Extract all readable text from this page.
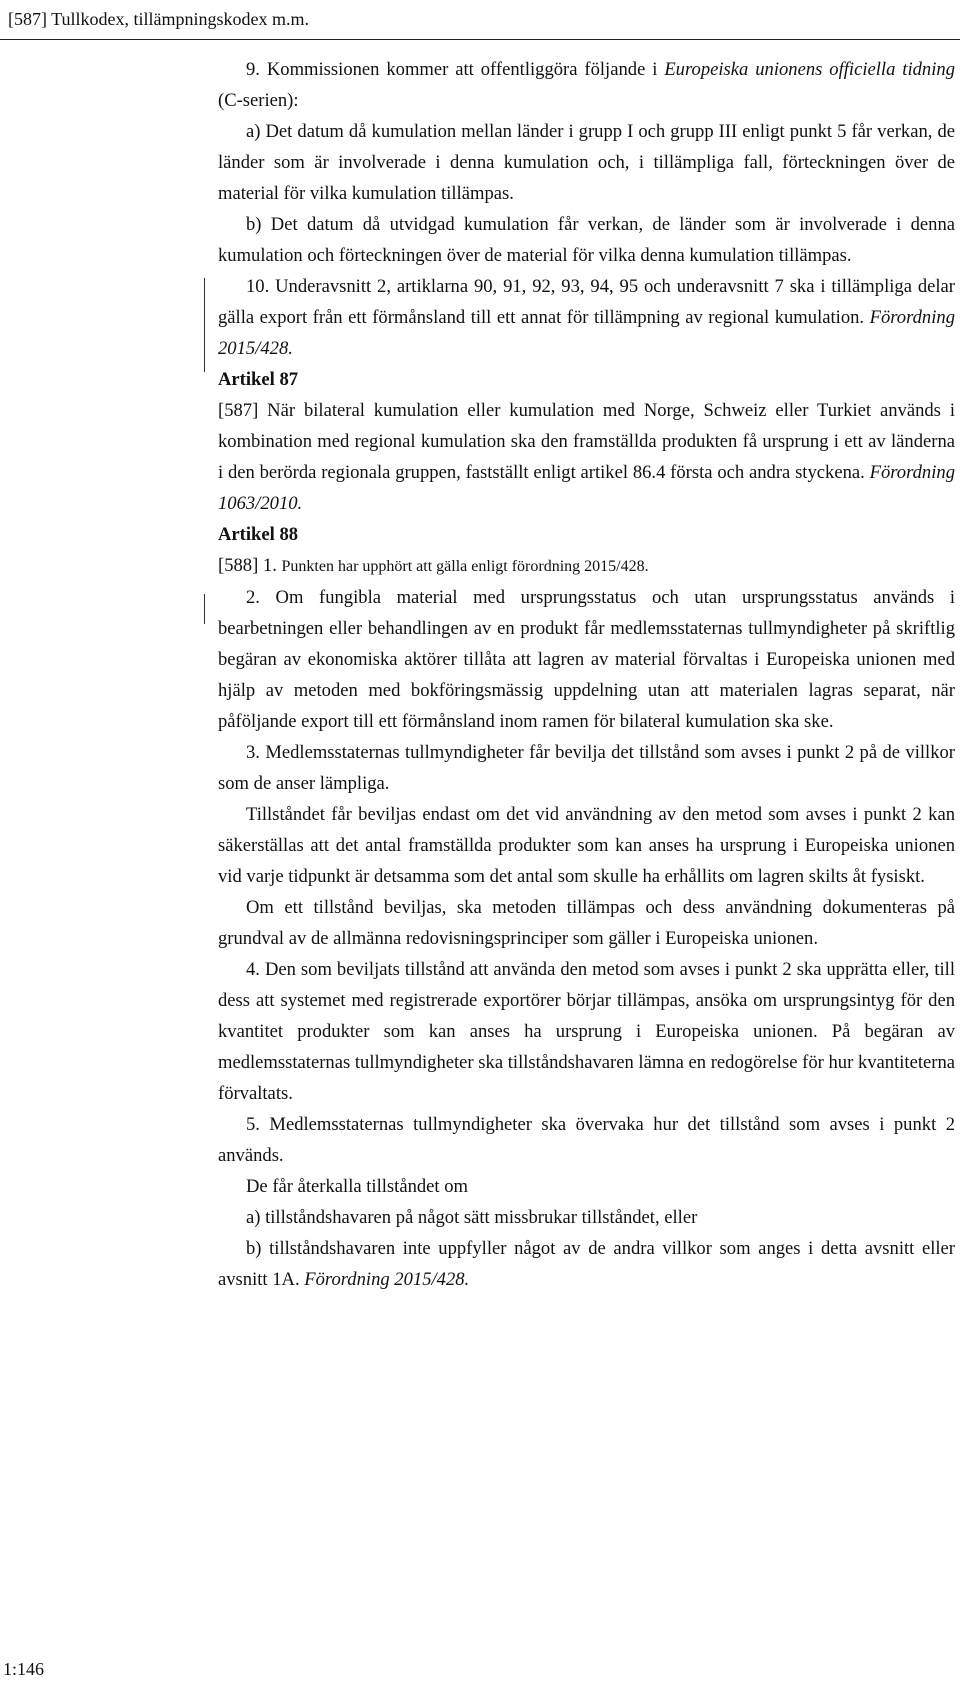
[587] Tullkodex, tillämpningskodex m.m.

9. Kommissionen kommer att offentliggöra följande i Europeiska unionens officiella tidning (C-serien):

a) Det datum då kumulation mellan länder i grupp I och grupp III enligt punkt 5 får verkan, de länder som är involverade i denna kumulation och, i tillämpliga fall, förteckningen över de material för vilka kumulation tillämpas.

b) Det datum då utvidgad kumulation får verkan, de länder som är involverade i denna kumulation och förteckningen över de material för vilka denna kumulation tillämpas.

10. Underavsnitt 2, artiklarna 90, 91, 92, 93, 94, 95 och underavsnitt 7 ska i tillämpliga delar gälla export från ett förmånsland till ett annat för tillämpning av regional kumulation. Förordning 2015/428.

Artikel 87

[587] När bilateral kumulation eller kumulation med Norge, Schweiz eller Turkiet används i kombination med regional kumulation ska den framställda produkten få ursprung i ett av länderna i den berörda regionala gruppen, fastställt enligt artikel 86.4 första och andra styckena. Förordning 1063/2010.

Artikel 88

[588] 1. Punkten har upphört att gälla enligt förordning 2015/428.

2. Om fungibla material med ursprungsstatus och utan ursprungsstatus används i bearbetningen eller behandlingen av en produkt får medlemsstaternas tullmyndigheter på skriftlig begäran av ekonomiska aktörer tillåta att lagren av material förvaltas i Europeiska unionen med hjälp av metoden med bokföringsmässig uppdelning utan att materialen lagras separat, när påföljande export till ett förmånsland inom ramen för bilateral kumulation ska ske.

3. Medlemsstaternas tullmyndigheter får bevilja det tillstånd som avses i punkt 2 på de villkor som de anser lämpliga.

Tillståndet får beviljas endast om det vid användning av den metod som avses i punkt 2 kan säkerställas att det antal framställda produkter som kan anses ha ursprung i Europeiska unionen vid varje tidpunkt är detsamma som det antal som skulle ha erhållits om lagren skilts åt fysiskt.

Om ett tillstånd beviljas, ska metoden tillämpas och dess användning dokumenteras på grundval av de allmänna redovisningsprinciper som gäller i Europeiska unionen.

4. Den som beviljats tillstånd att använda den metod som avses i punkt 2 ska upprätta eller, till dess att systemet med registrerade exportörer börjar tillämpas, ansöka om ursprungsintyg för den kvantitet produkter som kan anses ha ursprung i Europeiska unionen. På begäran av medlemsstaternas tullmyndigheter ska tillståndshavaren lämna en redogörelse för hur kvantiteterna förvaltats.

5. Medlemsstaternas tullmyndigheter ska övervaka hur det tillstånd som avses i punkt 2 används.

De får återkalla tillståndet om

a) tillståndshavaren på något sätt missbrukar tillståndet, eller

b) tillståndshavaren inte uppfyller något av de andra villkor som anges i detta avsnitt eller avsnitt 1A. Förordning 2015/428.

1:146
